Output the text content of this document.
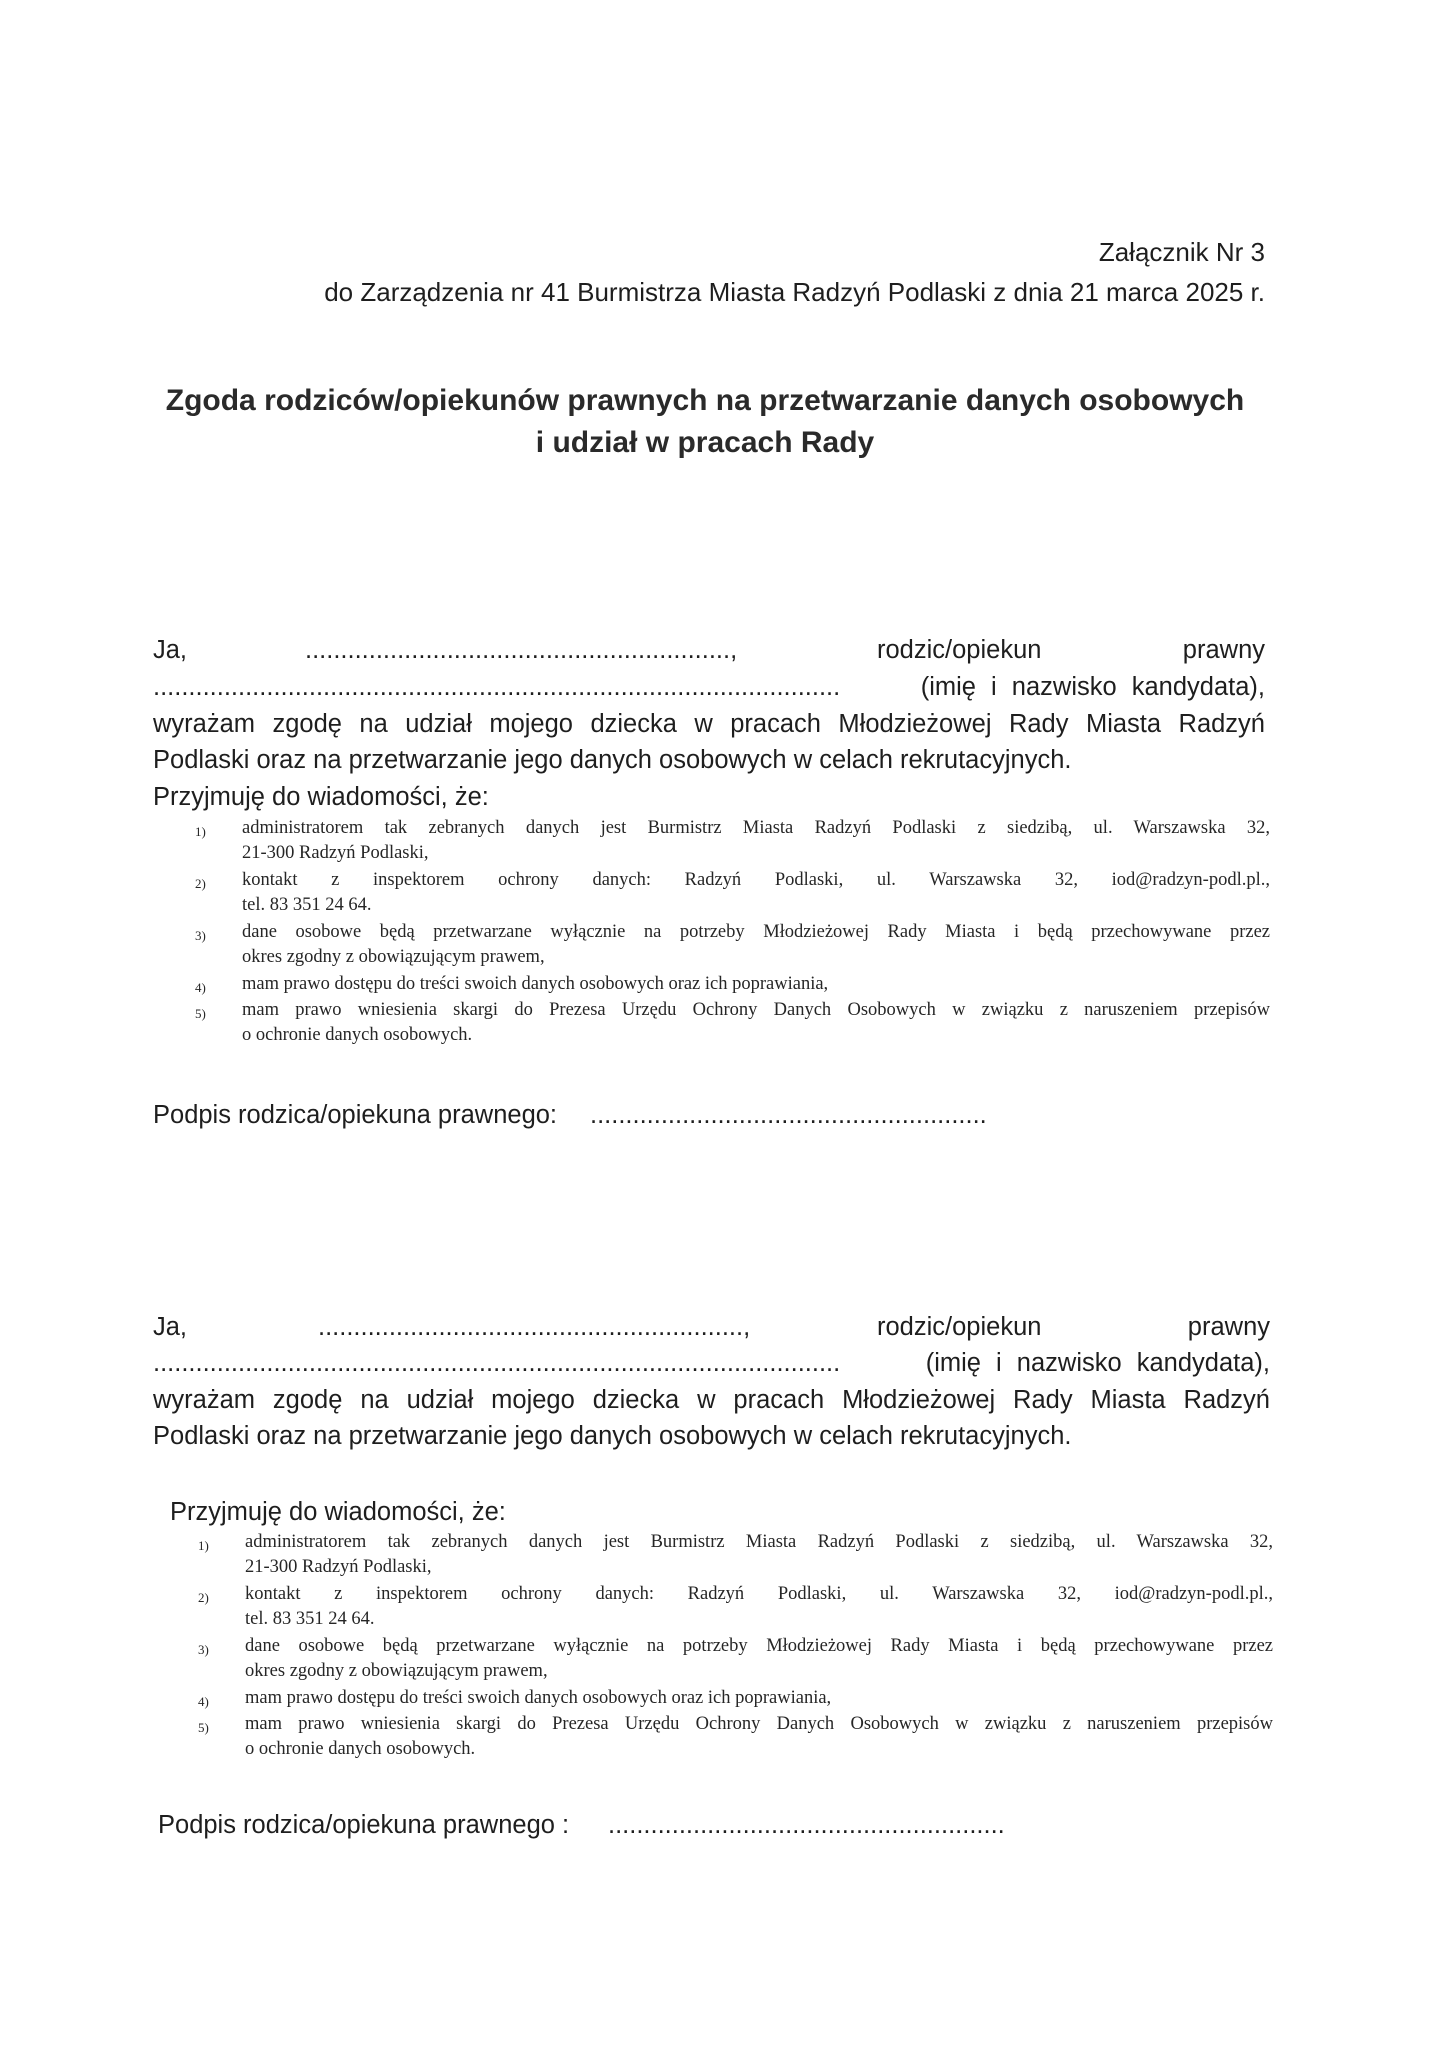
Załącznik Nr 3
do Zarządzenia nr 41 Burmistrza Miasta Radzyń Podlaski z dnia 21 marca 2025 r.
Zgoda rodziców/opiekunów prawnych na przetwarzanie danych osobowych
i udział w pracach Rady
Ja,	............................................................,	rodzic/opiekun	prawny
.................................................................................................	(imię i nazwisko kandydata),
wyrażam zgodę na udział mojego dziecka w pracach Młodzieżowej Rady Miasta Radzyń
Podlaski oraz na przetwarzanie jego danych osobowych w celach rekrutacyjnych.
Przyjmuję do wiadomości, że:
1) administratorem tak zebranych danych jest Burmistrz Miasta Radzyń Podlaski z siedzibą, ul. Warszawska 32,
21-300 Radzyń Podlaski,
2) kontakt z inspektorem ochrony danych: Radzyń Podlaski, ul. Warszawska 32, iod@radzyn-podl.pl.,
tel. 83 351 24 64.
3) dane osobowe będą przetwarzane wyłącznie na potrzeby Młodzieżowej Rady Miasta i będą przechowywane przez
okres zgodny z obowiązującym prawem,
4) mam prawo dostępu do treści swoich danych osobowych oraz ich poprawiania,
5) mam prawo wniesienia skargi do Prezesa Urzędu Ochrony Danych Osobowych w związku z naruszeniem przepisów
o ochronie danych osobowych.
Podpis rodzica/opiekuna prawnego: ........................................................
Ja,	............................................................,	rodzic/opiekun	prawny
.................................................................................................	(imię i nazwisko kandydata),
wyrażam zgodę na udział mojego dziecka w pracach Młodzieżowej Rady Miasta Radzyń
Podlaski oraz na przetwarzanie jego danych osobowych w celach rekrutacyjnych.
Przyjmuję do wiadomości, że:
1) administratorem tak zebranych danych jest Burmistrz Miasta Radzyń Podlaski z siedzibą, ul. Warszawska 32,
21-300 Radzyń Podlaski,
2) kontakt z inspektorem ochrony danych: Radzyń Podlaski, ul. Warszawska 32, iod@radzyn-podl.pl.,
tel. 83 351 24 64.
3) dane osobowe będą przetwarzane wyłącznie na potrzeby Młodzieżowej Rady Miasta i będą przechowywane przez
okres zgodny z obowiązującym prawem,
4) mam prawo dostępu do treści swoich danych osobowych oraz ich poprawiania,
5) mam prawo wniesienia skargi do Prezesa Urzędu Ochrony Danych Osobowych w związku z naruszeniem przepisów
o ochronie danych osobowych.
Podpis rodzica/opiekuna prawnego : ........................................................
